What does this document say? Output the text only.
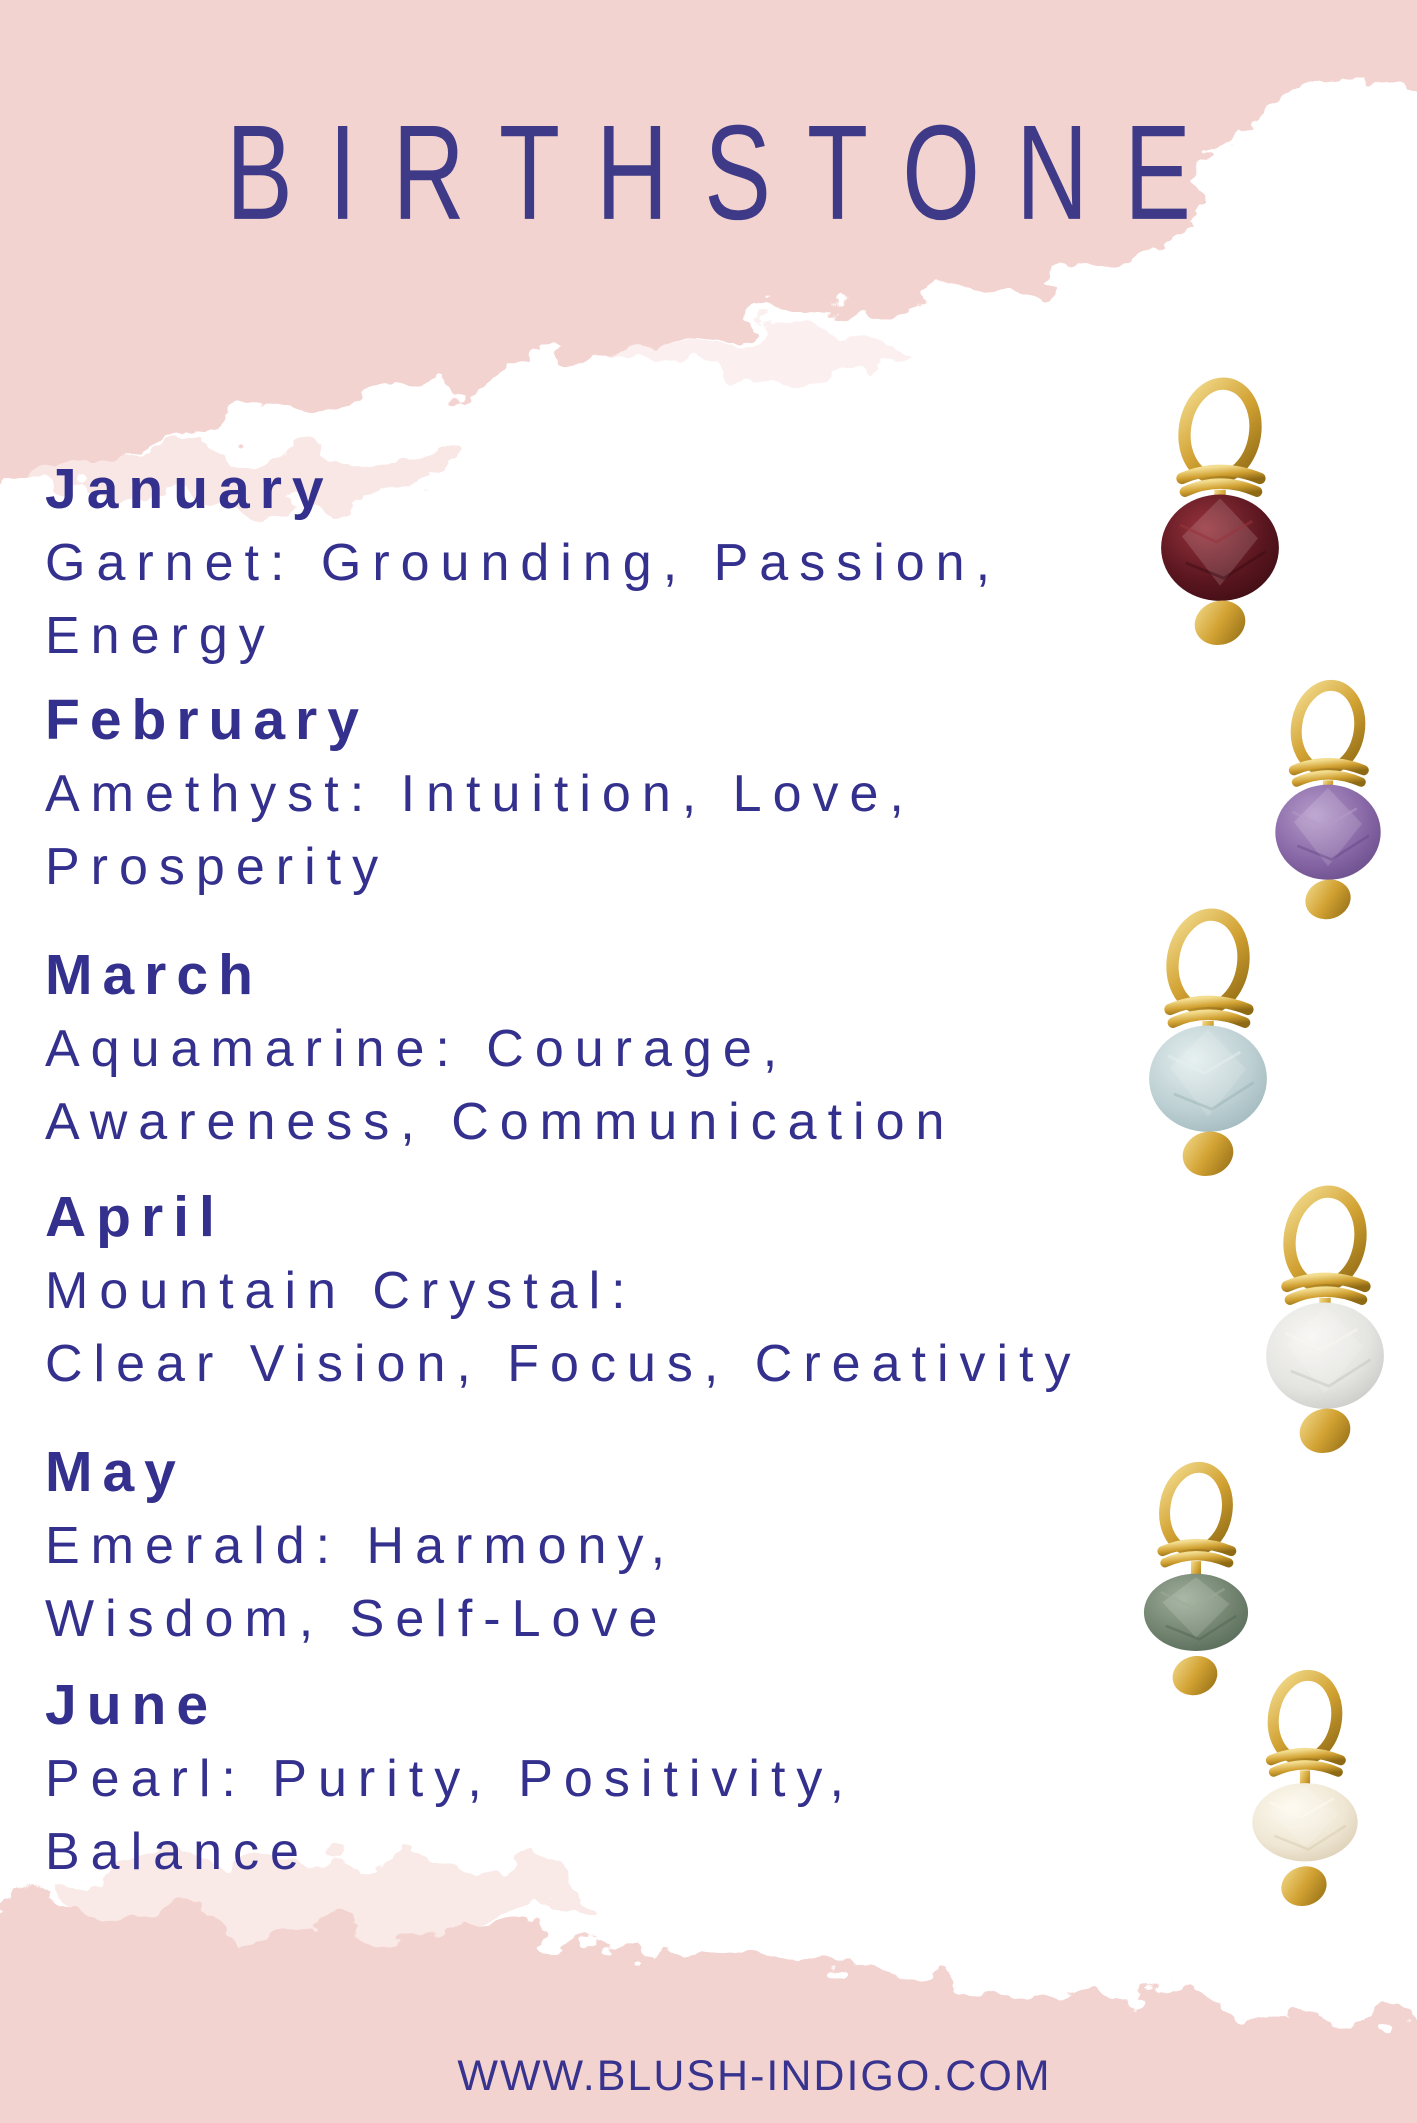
BIRTHSTONE
January

Garnet: Grounding, Passion,

Energy

February

Amethyst: Intuition, Love,

Prosperity

March

Aquamarine: Courage,

Awareness, Communication

April

Mountain Crystal:

Clear Vision, Focus, Creativity

May

Emerald: Harmony,

Wisdom, Self-Love

June

Pearl: Purity, Positivity,

Balance

WWW.BLUSH-INDIGO.COM
